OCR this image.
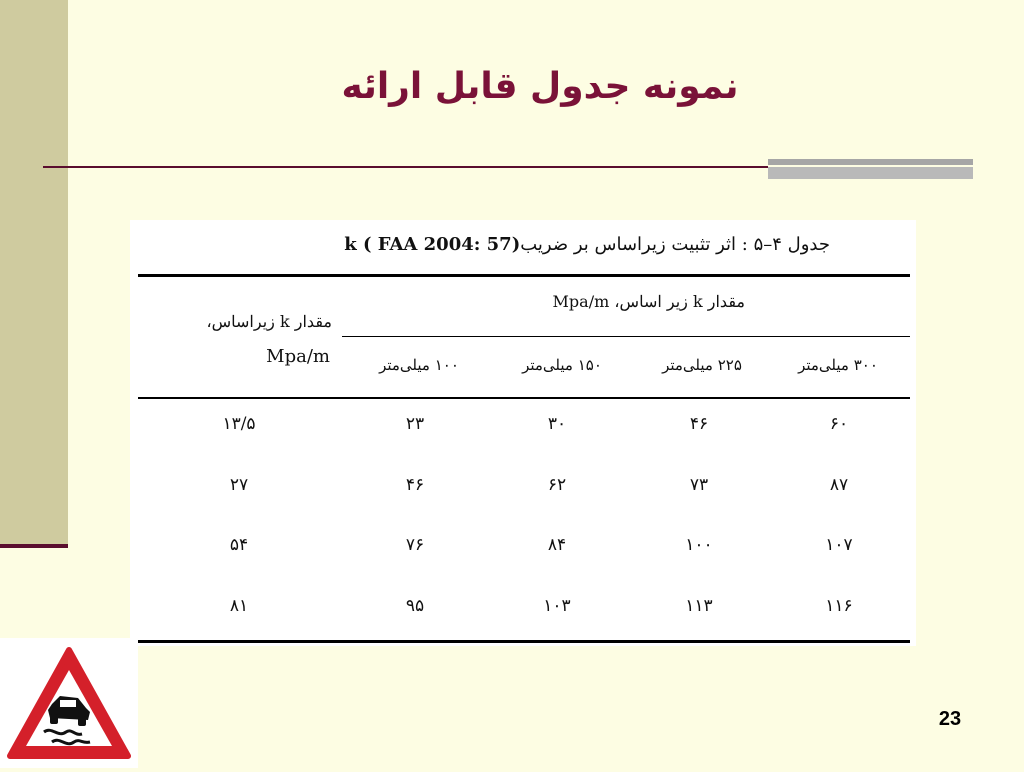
نمونه جدول قابل ارائه
جدول ۴–۵ : اثر تثبیت زیراساس بر ضریبk ( FAA 2004: 57)
مقدار k زیر اساس، Mpa/m
مقدار k زیراساس،
Mpa/m	۳۰۰ میلی‌متر
۲۲۵ میلی‌متر
۱۵۰ میلی‌متر
۱۰۰ میلی‌متر
۶۰
۴۶
۳۰
۲۳
۱۳/۵
۸۷
۷۳
۶۲
۴۶
۲۷
۱۰۷
۱۰۰
۸۴
۷۶
۵۴
۱۱۶
۱۱۳
۱۰۳
۹۵
۸۱
23
